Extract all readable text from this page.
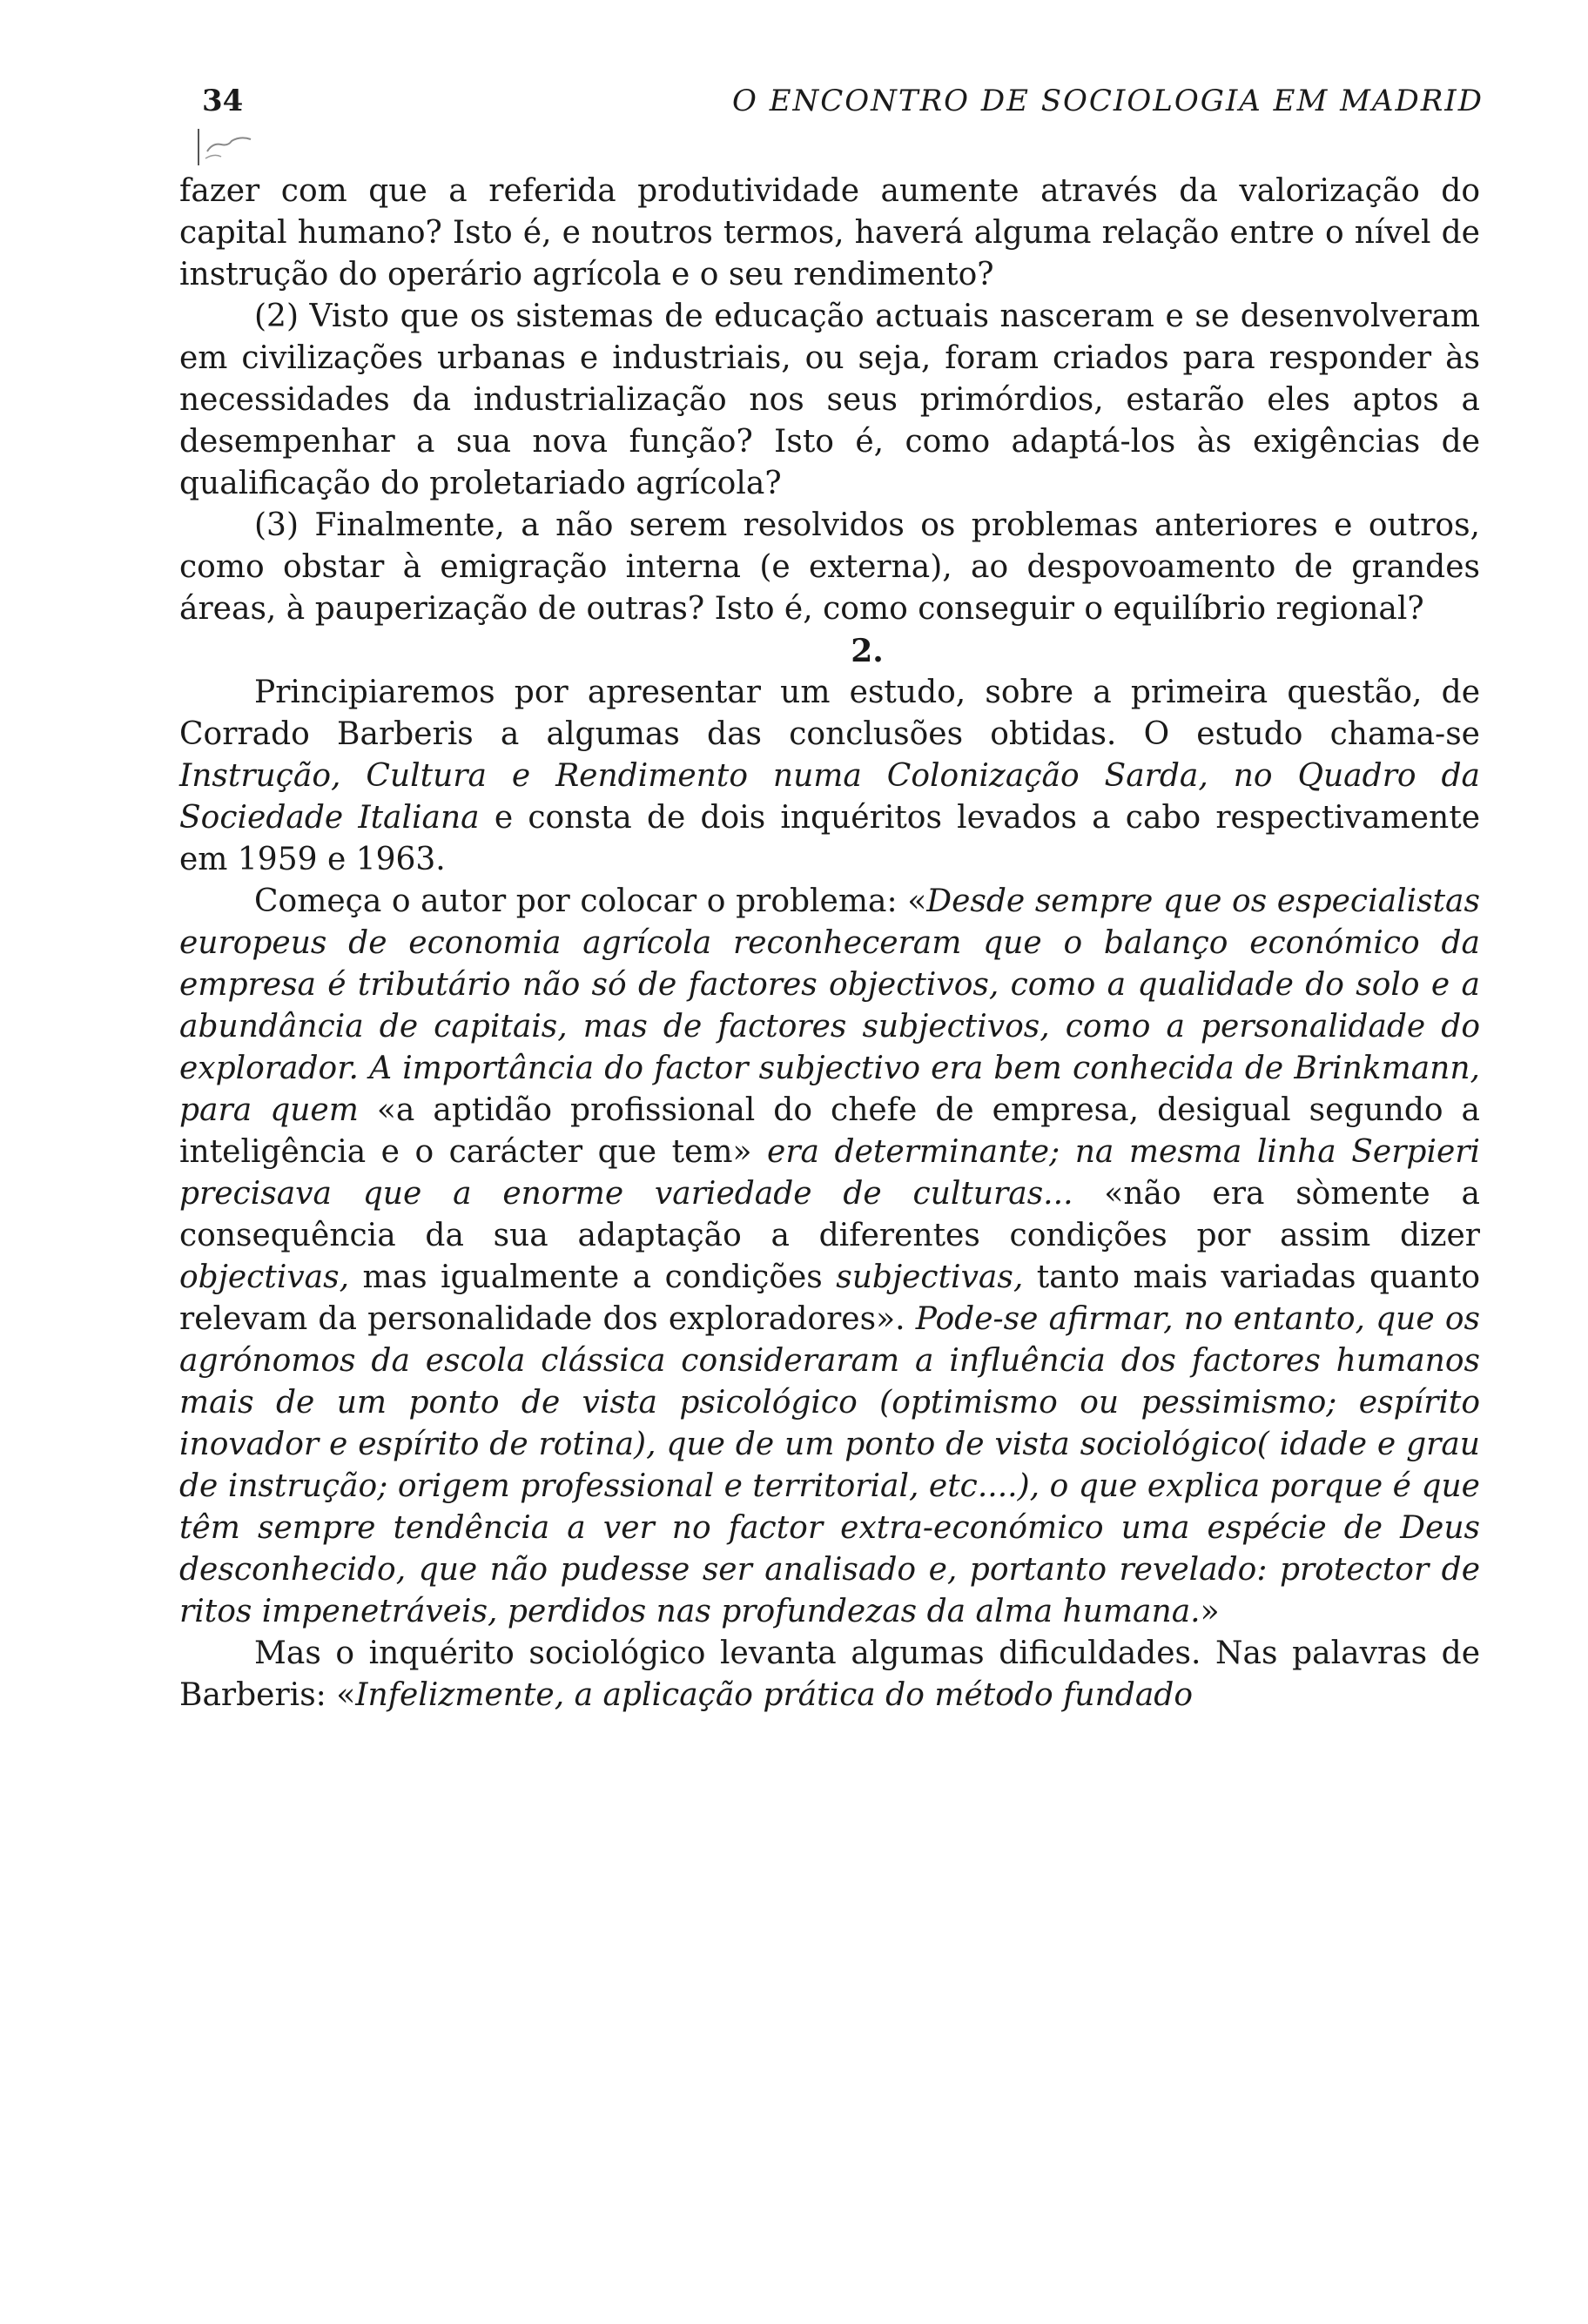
34	O ENCONTRO DE SOCIOLOGIA EM MADRID

fazer com que a referida produtividade aumente através da valorização do capital humano? Isto é, e noutros termos, haverá alguma relação entre o nível de instrução do operário agrícola e o seu rendimento?

(2) Visto que os sistemas de educação actuais nasceram e se desenvolveram em civilizações urbanas e industriais, ou seja, foram criados para responder às necessidades da industrialização nos seus primórdios, estarão eles aptos a desempenhar a sua nova função? Isto é, como adaptá-los às exigências de qualificação do proletariado agrícola?

(3) Finalmente, a não serem resolvidos os problemas anteriores e outros, como obstar à emigração interna (e externa), ao despovoamento de grandes áreas, à pauperização de outras? Isto é, como conseguir o equilíbrio regional?

2.

Principiaremos por apresentar um estudo, sobre a primeira questão, de Corrado Barberis a algumas das conclusões obtidas. O estudo chama-se Instrução, Cultura e Rendimento numa Colonização Sarda, no Quadro da Sociedade Italiana e consta de dois inquéritos levados a cabo respectivamente em 1959 e 1963.

Começa o autor por colocar o problema: «Desde sempre que os especialistas europeus de economia agrícola reconheceram que o balanço económico da empresa é tributário não só de factores objectivos, como a qualidade do solo e a abundância de capitais, mas de factores subjectivos, como a personalidade do explorador. A importância do factor subjectivo era bem conhecida de Brinkmann, para quem «a aptidão profissional do chefe de empresa, desigual segundo a inteligência e o carácter que tem» era determinante; na mesma linha Serpieri precisava que a enorme variedade de culturas... «não era sòmente a consequência da sua adaptação a diferentes condições por assim dizer objectivas, mas igualmente a condições subjectivas, tanto mais variadas quanto relevam da personalidade dos exploradores». Pode-se afirmar, no entanto, que os agrónomos da escola clássica consideraram a influência dos factores humanos mais de um ponto de vista psicológico (optimismo ou pessimismo; espírito inovador e espírito de rotina), que de um ponto de vista sociológico( idade e grau de instrução; origem professional e territorial, etc....), o que explica porque é que têm sempre tendência a ver no factor extra-económico uma espécie de Deus desconhecido, que não pudesse ser analisado e, portanto revelado: protector de ritos impenetráveis, perdidos nas profundezas da alma humana.»

Mas o inquérito sociológico levanta algumas dificuldades. Nas palavras de Barberis: «Infelizmente, a aplicação prática do método fundado
